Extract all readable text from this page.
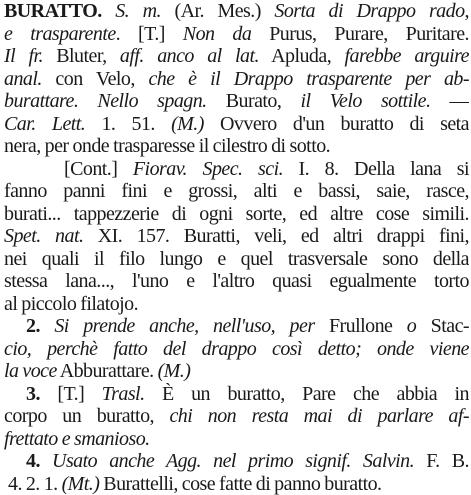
BURATTO. S. m. (Ar. Mes.) Sorta di Drappo rado,
e trasparente. [T.] Non da Purus, Purare, Puritare.
Il fr. Bluter, aff. anco al lat. Apluda, farebbe arguire
anal. con Velo, che è il Drappo trasparente per ab-
burattare. Nello spagn. Burato, il Velo sottile. —
Car. Lett. 1. 51. (M.) Ovvero d'un buratto di seta
nera, per onde trasparesse il cilestro di sotto.
[Cont.] Fiorav. Spec. sci. I. 8. Della lana si
fanno panni fini e grossi, alti e bassi, saie, rasce,
burati... tappezzerie di ogni sorte, ed altre cose simili.
Spet. nat. XI. 157. Buratti, veli, ed altri drappi fini,
nei quali il filo lungo e quel trasversale sono della
stessa lana..., l'uno e l'altro quasi egualmente torto
al piccolo filatojo.
2. Si prende anche, nell'uso, per Frullone o Stac-
cio, perchè fatto del drappo così detto; onde viene
la voce Abburattare. (M.)
3. [T.] Trasl. È un buratto, Pare che abbia in
corpo un buratto, chi non resta mai di parlare af-
frettato e smanioso.
4. Usato anche Agg. nel primo signif. Salvin. F. B.
4. 2. 1. (Mt.) Burattelli, cose fatte di panno buratto.
